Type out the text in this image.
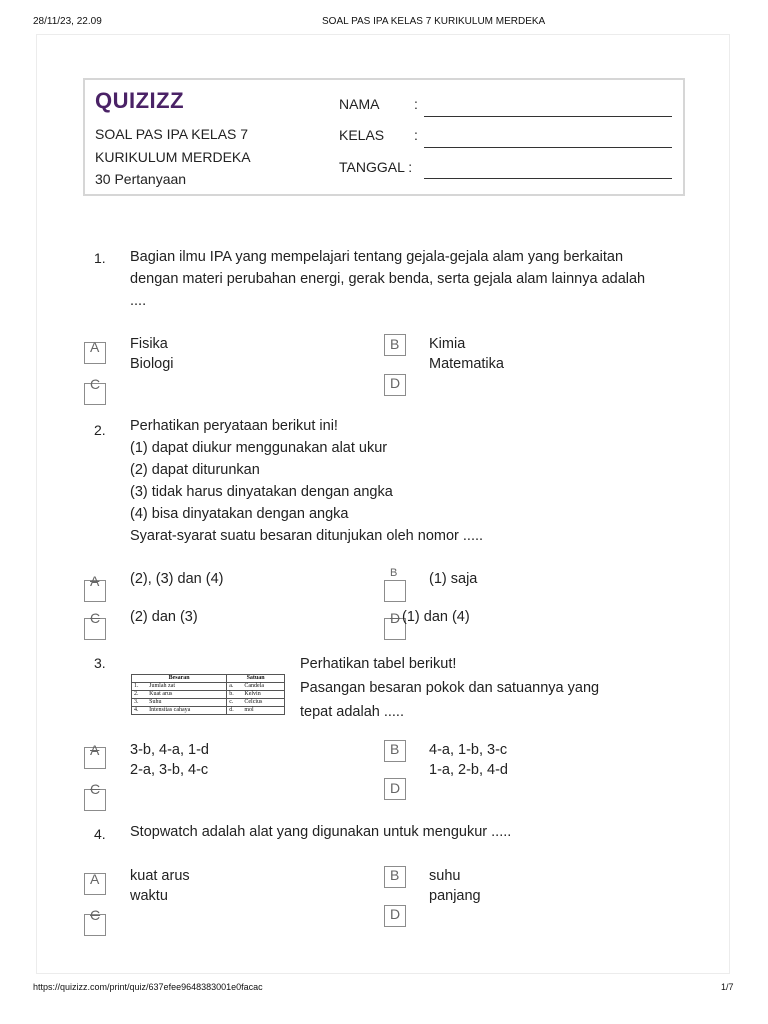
28/11/23, 22.09	SOAL PAS IPA KELAS 7 KURIKULUM MERDEKA
QUIZIZZ
SOAL PAS IPA KELAS 7
KURIKULUM MERDEKA
30 Pertanyaan
NAMA :
KELAS :
TANGGAL :
1. Bagian ilmu IPA yang mempelajari tentang gejala-gejala alam yang berkaitan
dengan materi perubahan energi, gerak benda, serta gejala alam lainnya adalah
....
A	B
C	D
Fisika
Biologi
Kimia
Matematika
2. Perhatikan peryataan berikut ini!
(1) dapat diukur menggunakan alat ukur
(2) dapat diturunkan
(3) tidak harus dinyatakan dengan angka
(4) bisa dinyatakan dengan angka
Syarat-syarat suatu besaran ditunjukan oleh nomor .....
A	B
C	D
(2), (3) dan (4)
(2) dan (3)
(1) saja
(1) dan (4)
3.
Besaran		Satuan	
1.	Jumlah zat	a.	Candela
2.	Kuat arus	b.	Kelvin
3.	Suhu	c.	Celcius
4.	Intensitas cahaya	d.	mol
Perhatikan tabel berikut!
Pasangan besaran pokok dan satuannya yang
tepat adalah .....
A	B
C	D
3-b, 4-a, 1-d
2-a, 3-b, 4-c
4-a, 1-b, 3-c
1-a, 2-b, 4-d
4. Stopwatch adalah alat yang digunakan untuk mengukur .....
A	B
C	D
kuat arus
waktu
suhu
panjang
https://quizizz.com/print/quiz/637efee9648383001e0facac	1/7
